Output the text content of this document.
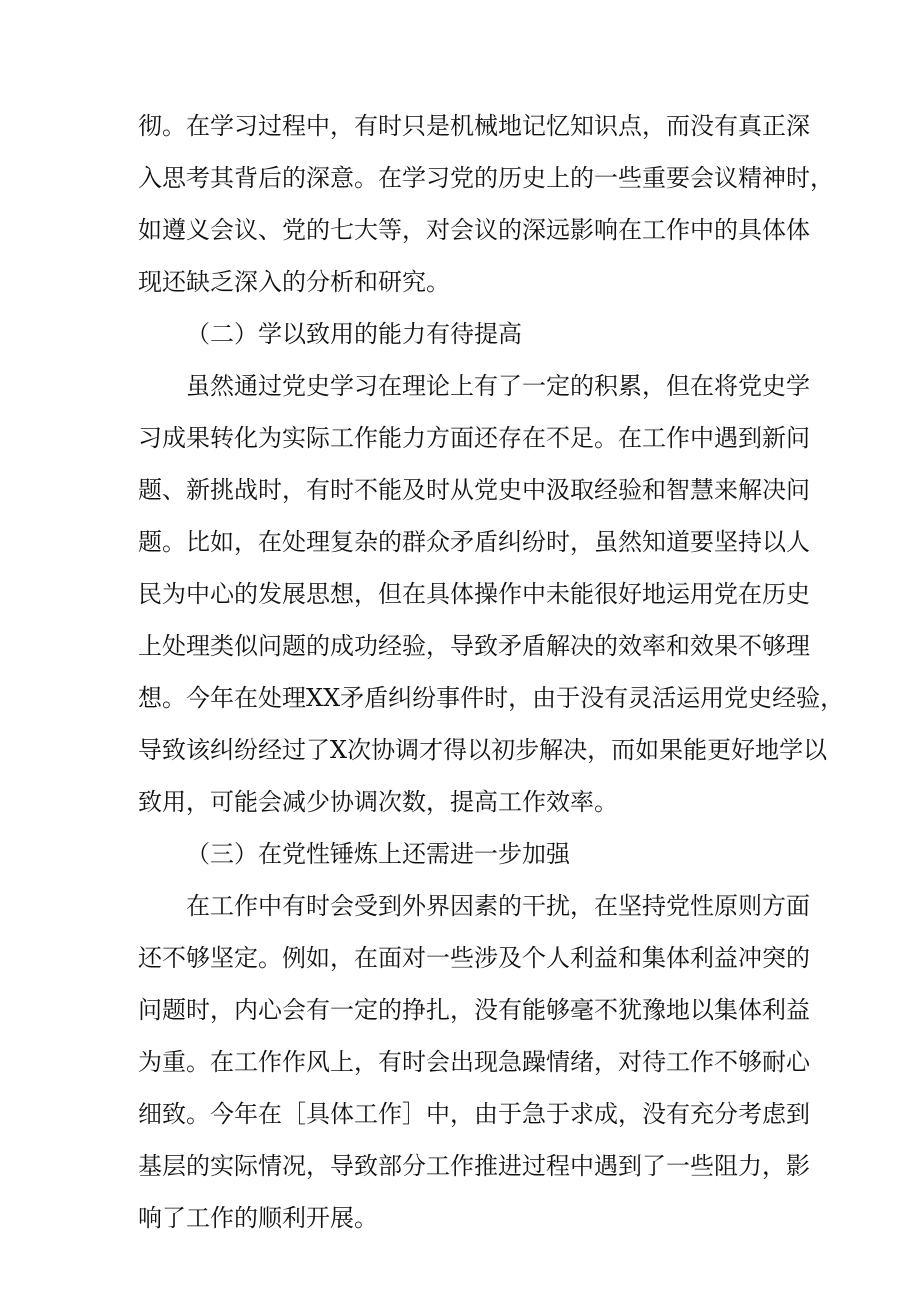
彻。在学习过程中，有时只是机械地记忆知识点，而没有真正深
入思考其背后的深意。在学习党的历史上的一些重要会议精神时，
如遵义会议、党的七大等，对会议的深远影响在工作中的具体体
现还缺乏深入的分析和研究。
（二）学以致用的能力有待提高
虽然通过党史学习在理论上有了一定的积累，但在将党史学
习成果转化为实际工作能力方面还存在不足。在工作中遇到新问
题、新挑战时，有时不能及时从党史中汲取经验和智慧来解决问
题。比如，在处理复杂的群众矛盾纠纷时，虽然知道要坚持以人
民为中心的发展思想，但在具体操作中未能很好地运用党在历史
上处理类似问题的成功经验，导致矛盾解决的效率和效果不够理
想。今年在处理XX矛盾纠纷事件时，由于没有灵活运用党史经验，
导致该纠纷经过了X次协调才得以初步解决，而如果能更好地学以
致用，可能会减少协调次数，提高工作效率。
（三）在党性锤炼上还需进一步加强
在工作中有时会受到外界因素的干扰，在坚持党性原则方面
还不够坚定。例如，在面对一些涉及个人利益和集体利益冲突的
问题时，内心会有一定的挣扎，没有能够毫不犹豫地以集体利益
为重。在工作作风上，有时会出现急躁情绪，对待工作不够耐心
细致。今年在［具体工作］中，由于急于求成，没有充分考虑到
基层的实际情况，导致部分工作推进过程中遇到了一些阻力，影
响了工作的顺利开展。
